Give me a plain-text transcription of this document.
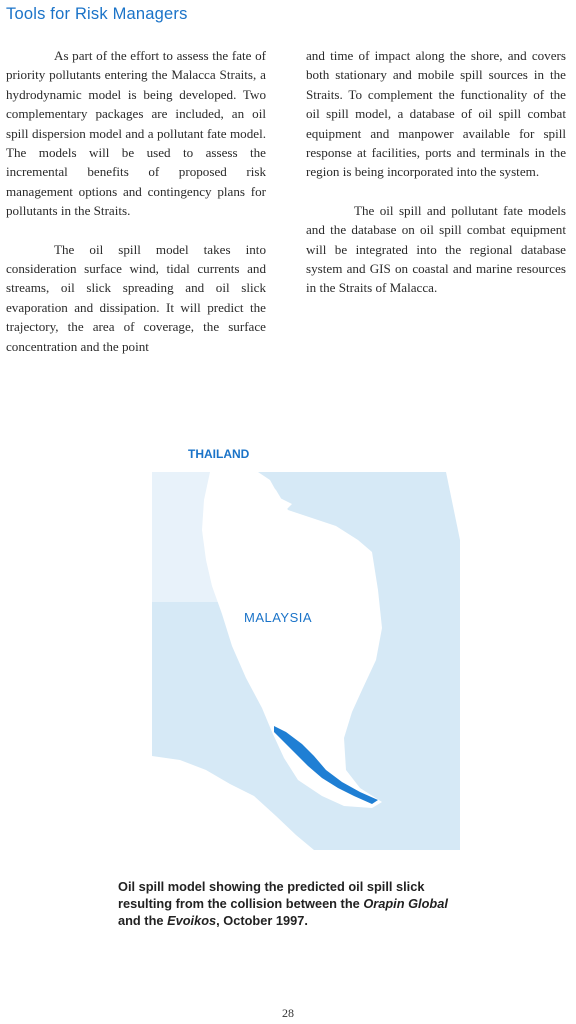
Tools for Risk Managers

As part of the effort to assess the fate of priority pollutants entering the Malacca Straits, a hydrodynamic model is being developed. Two complementary packages are included, an oil spill dispersion model and a pollutant fate model. The models will be used to assess the incremental benefits of proposed risk management options and contingency plans for pollutants in the Straits.

The oil spill model takes into consideration surface wind, tidal currents and streams, oil slick spreading and oil slick evaporation and dissipation. It will predict the trajectory, the area of coverage, the surface concentration and the point

and time of impact along the shore, and covers both stationary and mobile spill sources in the Straits. To complement the functionality of the oil spill model, a database of oil spill combat equipment and manpower available for spill response at facilities, ports and terminals in the region is being incorporated into the system.

The oil spill and pollutant fate models and the database on oil spill combat equipment will be integrated into the regional database system and GIS on coastal and marine resources in the Straits of Malacca.

THAILAND
MALAYSIA

Oil spill model showing the predicted oil spill slick resulting from the collision between the Orapin Global and the Evoikos, October 1997.

28
